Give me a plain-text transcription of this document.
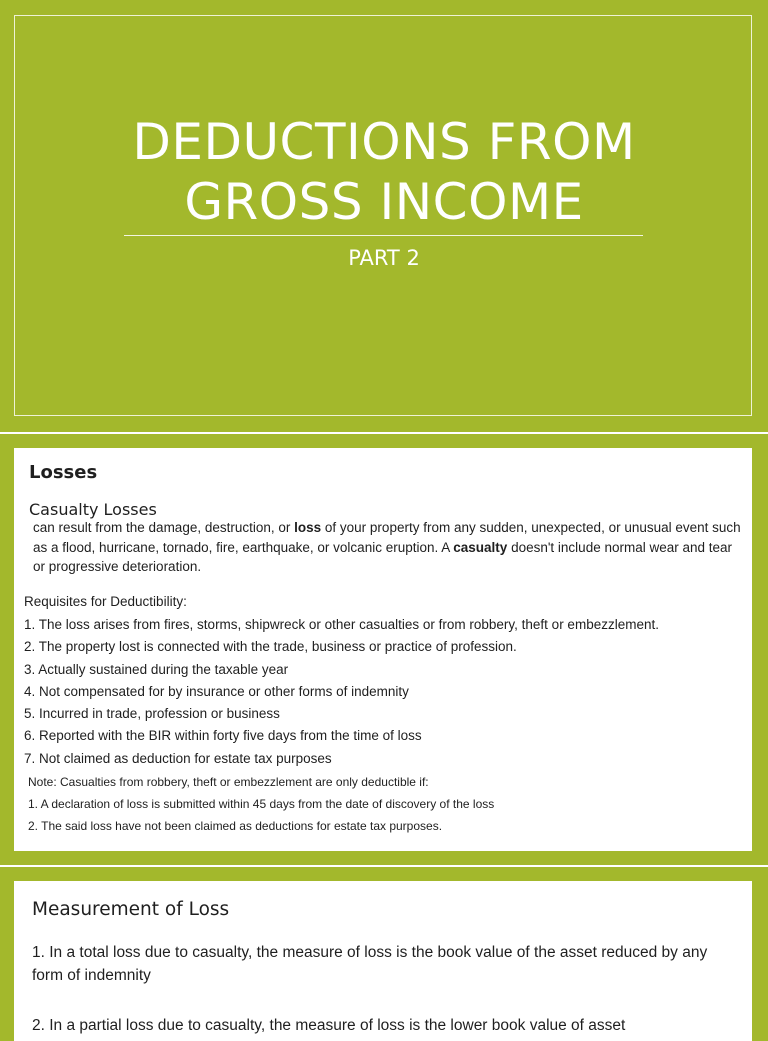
DEDUCTIONS FROM
GROSS INCOME
PART 2
Losses
Casualty Losses
can result from the damage, destruction, or loss of your property from any sudden, unexpected, or unusual event such as a flood, hurricane, tornado, fire, earthquake, or volcanic eruption. A casualty doesn't include normal wear and tear or progressive deterioration.
Requisites for Deductibility:
1. The loss arises from fires, storms, shipwreck or other casualties or from robbery, theft or embezzlement.
2. The property lost is connected with the trade, business or practice of profession.
3. Actually sustained during the taxable year
4. Not compensated for by insurance or other forms of indemnity
5. Incurred in trade, profession or business
6. Reported with the BIR within forty five days from the time of loss
7. Not claimed as deduction for estate tax purposes
Note: Casualties from robbery, theft or embezzlement are only deductible if:
1. A declaration of loss is submitted within 45 days from the date of discovery of the loss
2. The said loss have not been claimed as deductions for estate tax purposes.
Measurement of Loss
1. In a total loss due to casualty, the measure of loss is the book value of the asset reduced by any form of indemnity
2. In a partial loss due to casualty, the measure of loss is the lower book value of asset
